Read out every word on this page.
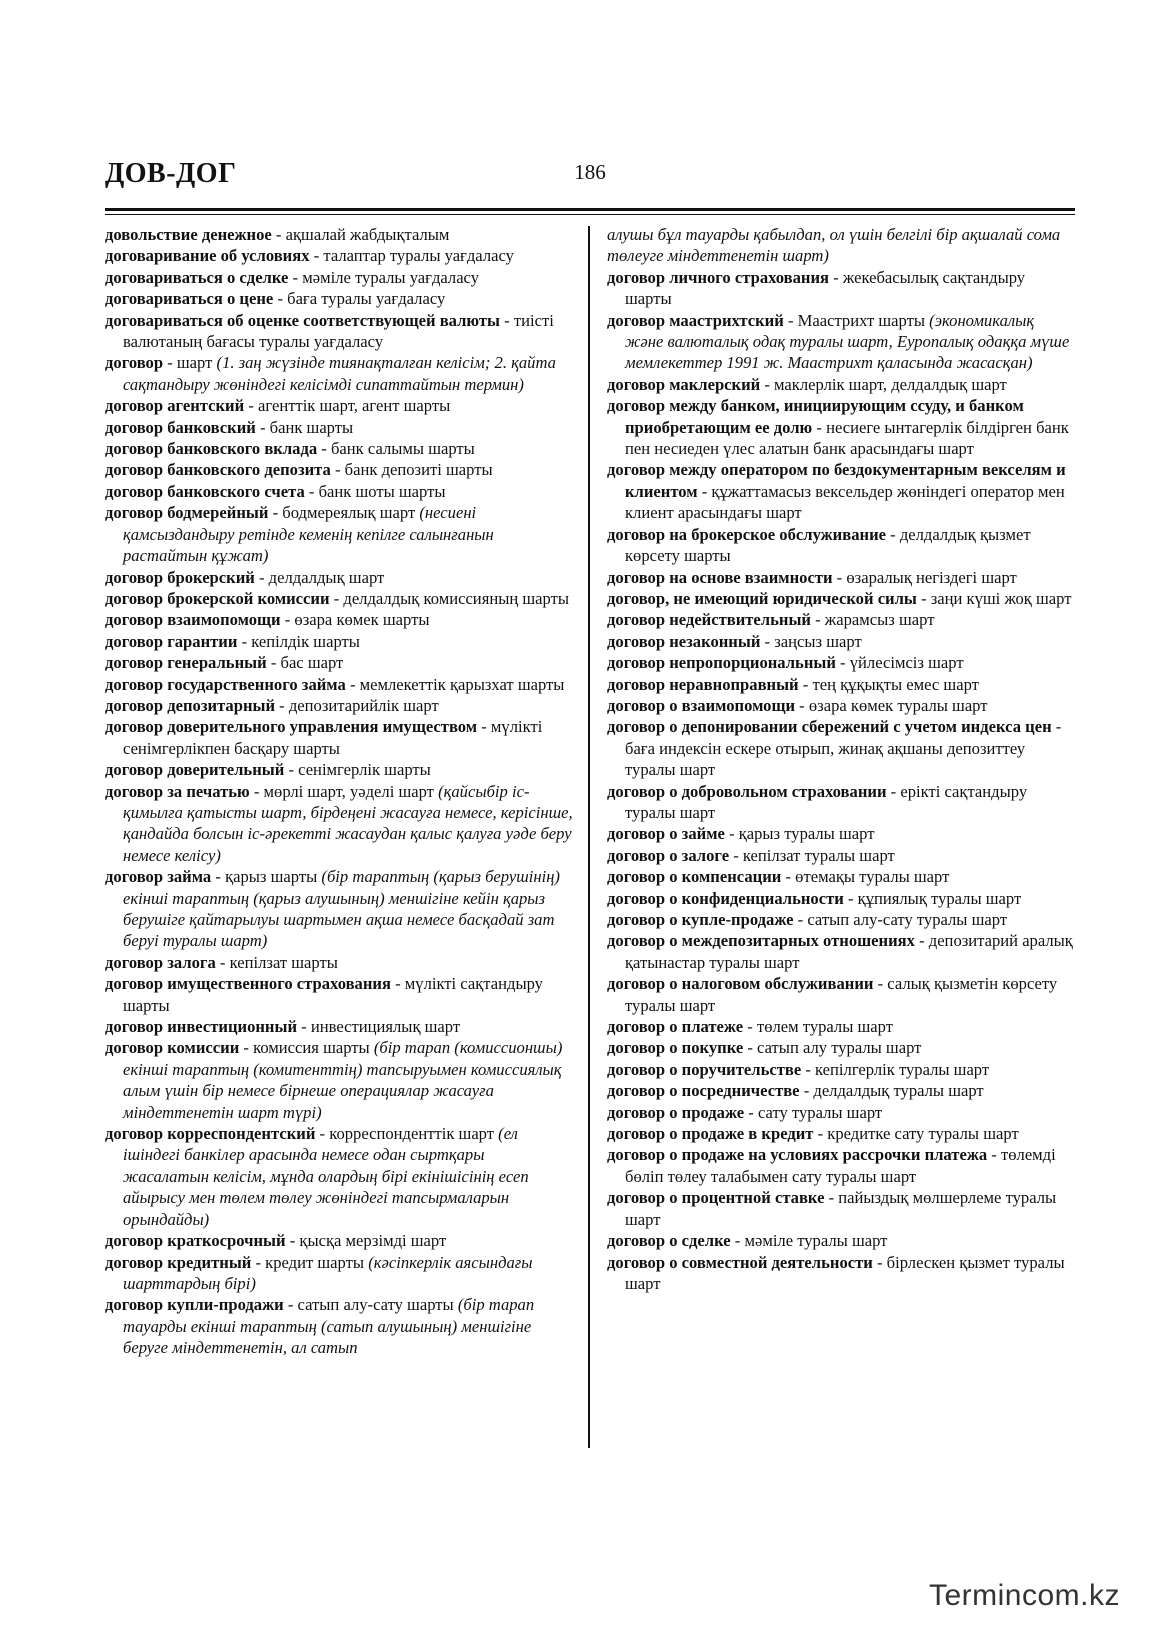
ДОВ-ДОГ	186

довольствие денежное - ақшалай жабдықталым

договаривание об условиях - талаптар туралы уағдаласу

договариваться о сделке - мәміле туралы уағдаласу

договариваться о цене - баға туралы уағдаласу

договариваться об оценке соответствующей валюты - тиісті валютаның бағасы туралы уағдаласу

договор - шарт (1. заң жүзінде тиянақталған келісім; 2. қайта сақтандыру жөніндегі келісімді сипаттайтын термин)

договор агентский - агенттік шарт, агент шарты

договор банковский - банк шарты

договор банковского вклада - банк салымы шарты

договор банковского депозита - банк депозиті шарты

договор банковского счета - банк шоты шарты

договор бодмерейный - бодмереялық шарт (несиені қамсыздандыру ретінде кеменің кепілге салынғанын растайтын құжат)

договор брокерский - делдалдық шарт

договор брокерской комиссии - делдалдық комиссияның шарты

договор взаимопомощи - өзара көмек шарты

договор гарантии - кепілдік шарты

договор генеральный - бас шарт

договор государственного займа - мемлекеттік қарызхат шарты

договор депозитарный - депозитарийлік шарт

договор доверительного управления имуществом - мүлікті сенімгерлікпен басқару шарты

договор доверительный - сенімгерлік шарты

договор за печатью - мөрлі шарт, уәделі шарт (қайсыбір іс-қимылға қатысты шарт, бірдеңені жасауға немесе, керісінше, қандайда болсын іс-әрекетті жасаудан қалыс қалуға уәде беру немесе келісу)

договор займа - қарыз шарты (бір тараптың (қарыз берушінің) екінші тараптың (қарыз алушының) меншігіне кейін қарыз берушіге қайтарылуы шартымен ақша немесе басқадай зат беруі туралы шарт)

договор залога - кепілзат шарты

договор имущественного страхования - мүлікті сақтандыру шарты

договор инвестиционный - инвестициялық шарт

договор комиссии - комиссия шарты (бір тарап (комиссионшы) екінші тараптың (комитенттің) тапсыруымен комиссиялық алым үшін бір немесе бірнеше операциялар жасауға міндеттенетін шарт түрі)

договор корреспондентский - корреспонденттік шарт (ел ішіндегі банкілер арасында немесе одан сыртқары жасалатын келісім, мұнда олардың бірі екінішісінің есеп айырысу мен төлем төлеу жөніндегі тапсырмаларын орындайды)

договор краткосрочный - қысқа мерзімді шарт

договор кредитный - кредит шарты (кәсіпкерлік аясындағы шарттардың бірі)

договор купли-продажи - сатып алу-сату шарты (бір тарап тауарды екінші тараптың (сатып алушының) меншігіне беруге міндеттенетін, ал сатып

алушы бұл тауарды қабылдап, ол үшін белгілі бір ақшалай сома төлеуге міндеттенетін шарт)

договор личного страхования - жекебасылық сақтандыру шарты

договор маастрихтский - Маастрихт шарты (экономикалық және валюталық одақ туралы шарт, Еуропалық одаққа мүше мемлекеттер 1991 ж. Маастрихт қаласында жасасқан)

договор маклерский - маклерлік шарт, делдалдық шарт

договор между банком, инициирующим ссуду, и банком приобретающим ее долю - несиеге ынтагерлік білдірген банк пен несиеден үлес алатын банк арасындағы шарт

договор между оператором по бездокументарным векселям и клиентом - құжаттамасыз вексельдер жөніндегі оператор мен клиент арасындағы шарт

договор на брокерское обслуживание - делдалдық қызмет көрсету шарты

договор на основе взаимности - өзаралық негіздегі шарт

договор, не имеющий юридической силы - заңи күші жоқ шарт

договор недействительный - жарамсыз шарт

договор незаконный - заңсыз шарт

договор непропорциональный - үйлесімсіз шарт

договор неравноправный - тең құқықты емес шарт

договор о взаимопомощи - өзара көмек туралы шарт

договор о депонировании сбережений с учетом индекса цен - баға индексін ескере отырып, жинақ ақшаны депозиттеу туралы шарт

договор о добровольном страховании - ерікті сақтандыру туралы шарт

договор о займе - қарыз туралы шарт

договор о залоге - кепілзат туралы шарт

договор о компенсации - өтемақы туралы шарт

договор о конфиденциальности - құпиялық туралы шарт

договор о купле-продаже - сатып алу-сату туралы шарт

договор о междепозитарных отношениях - депозитарий аралық қатынастар туралы шарт

договор о налоговом обслуживании - салық қызметін көрсету туралы шарт

договор о платеже - төлем туралы шарт

договор о покупке - сатып алу туралы шарт

договор о поручительстве - кепілгерлік туралы шарт

договор о посредничестве - делдалдық туралы шарт

договор о продаже - сату туралы шарт

договор о продаже в кредит - кредитке сату туралы шарт

договор о продаже на условиях рассрочки платежа - төлемді бөліп төлеу талабымен сату туралы шарт

договор о процентной ставке - пайыздық мөлшерлеме туралы шарт

договор о сделке - мәміле туралы шарт

договор о совместной деятельности - бірлескен қызмет туралы шарт

Termincom.kz
